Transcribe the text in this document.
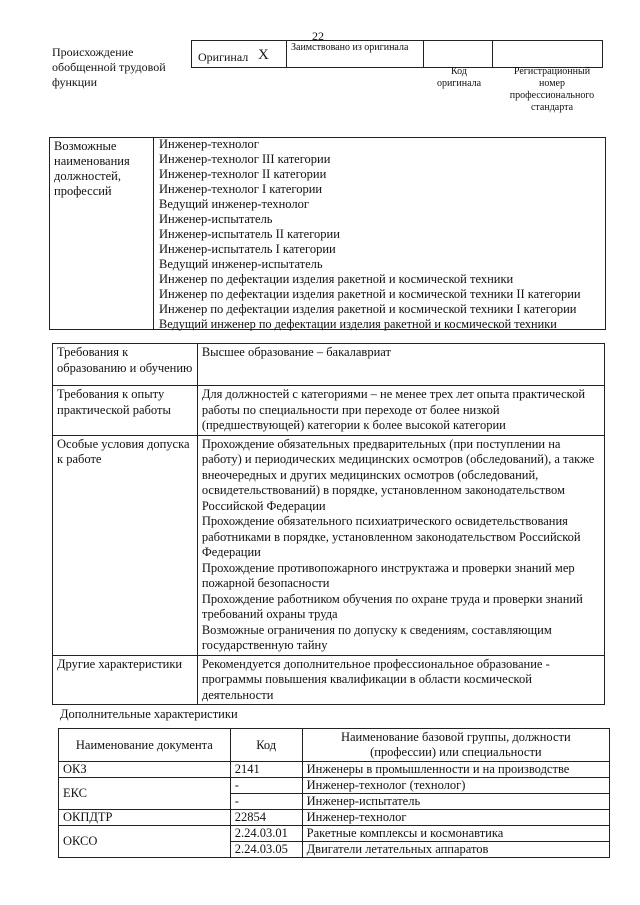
22
Происхождение обобщенной трудовой функции
Оригинал X Заимствовано из оригинала
Код оригинала
Регистрационный номер профессионального стандарта
Возможные наименования должностей, профессий
Инженер-технолог
Инженер-технолог III категории
Инженер-технолог II категории
Инженер-технолог I категории
Ведущий инженер-технолог
Инженер-испытатель
Инженер-испытатель II категории
Инженер-испытатель I категории
Ведущий инженер-испытатель
Инженер по дефектации изделия ракетной и космической техники
Инженер по дефектации изделия ракетной и космической техники II категории
Инженер по дефектации изделия ракетной и космической техники I категории
Ведущий инженер по дефектации изделия ракетной и космической техники
Требования к образованию и обучению	Высшее образование – бакалавриат

Требования к опыту практической работы	Для должностей с категориями – не менее трех лет опыта практической работы по специальности при переходе от более низкой (предшествующей) категории к более высокой категории

Особые условия допуска к работе	Прохождение обязательных предварительных (при поступлении на работу) и периодических медицинских осмотров (обследований), а также внеочередных и других медицинских осмотров (обследований, освидетельствований) в порядке, установленном законодательством Российской Федерации
Прохождение обязательного психиатрического освидетельствования работниками в порядке, установленном законодательством Российской Федерации
Прохождение противопожарного инструктажа и проверки знаний мер пожарной безопасности
Прохождение работником обучения по охране труда и проверки знаний требований охраны труда
Возможные ограничения по допуску к сведениям, составляющим государственную тайну

Другие характеристики	Рекомендуется дополнительное профессиональное образование - программы повышения квалификации в области космической деятельности
Дополнительные характеристики
Наименование документа	Код	Наименование базовой группы, должности (профессии) или специальности
ОКЗ	2141	Инженеры в промышленности и на производстве
ЕКС	-	Инженер-технолог (технолог)
	-	Инженер-испытатель
ОКПДТР	22854	Инженер-технолог
ОКСО	2.24.03.01	Ракетные комплексы и космонавтика
	2.24.03.05	Двигатели летательных аппаратов
